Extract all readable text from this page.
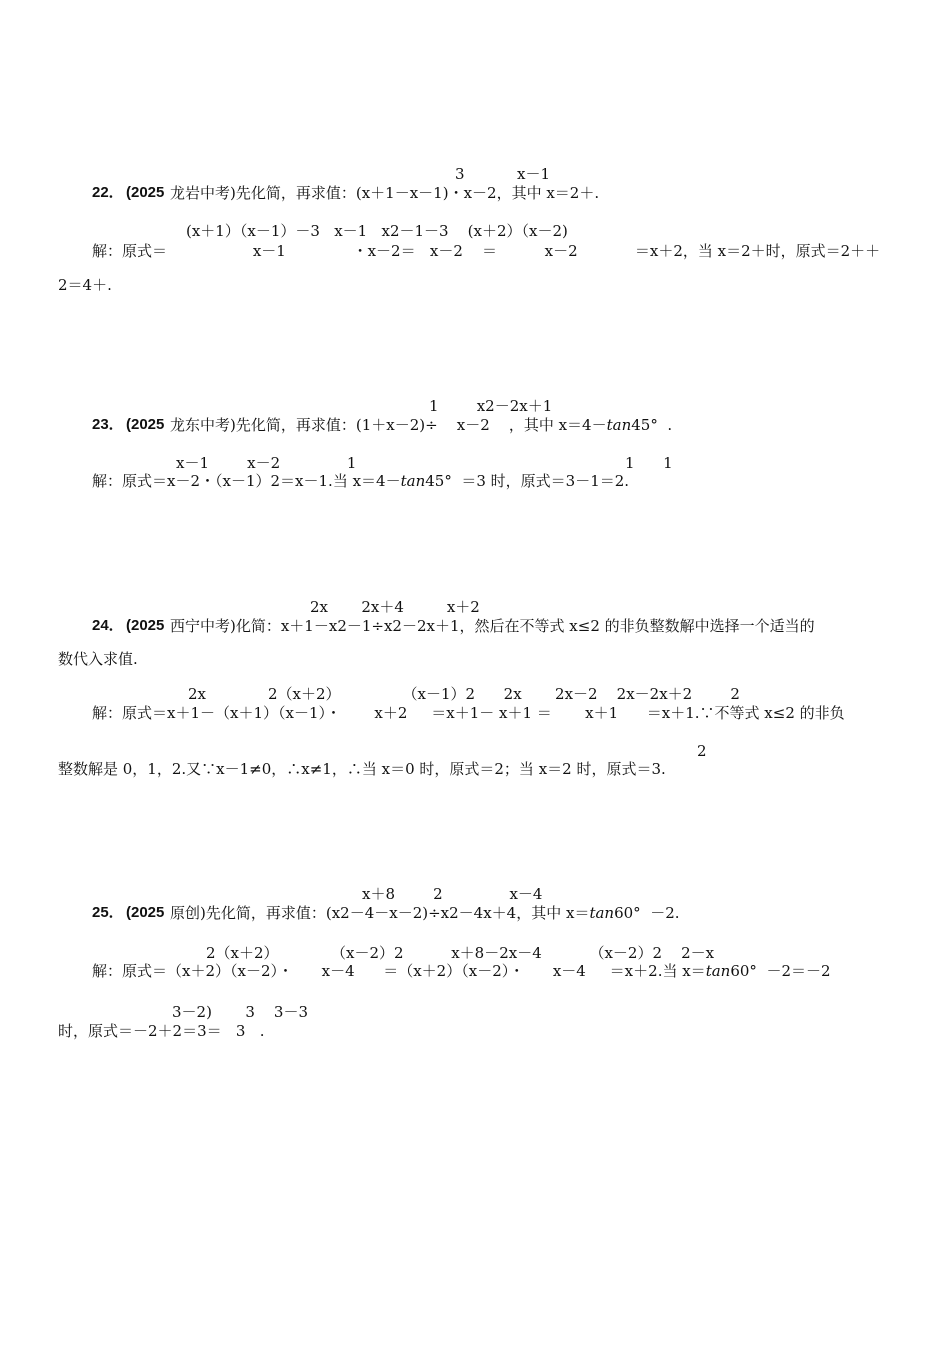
3           x－1
22． (2025 龙岩中考)先化简，再求值：(x＋1－x－1)・x－2，其中 x＝2＋.
(x＋1）（x－1）－3   x－1   x2－1－3    (x＋2）（x－2)
解：原式＝                  x－1              ・x－2＝   x－2    ＝          x－2            ＝x＋2，当 x＝2＋时，原式＝2＋＋
2＝4＋.
1        x2－2x＋1
23． (2025 龙东中考)先化简，再求值：(1＋x－2)÷    x－2    ，其中 x＝4－tan45°  .
x－1        x－2              1	1      1
解：原式＝x－2・（x－1）2＝x－1.当 x＝4－tan45°  ＝3 时，原式＝3－1＝2.
2x       2x＋4         x＋2
24． (2025 西宁中考)化简：x＋1－x2－1÷x2－2x＋1，然后在不等式 x≤2 的非负整数解中选择一个适当的
数代入求值.
2x             2（x＋2）             （x－1）2      2x       2x－2    2x－2x＋2        2
解：原式＝x＋1－（x＋1）（x－1）・       x＋2     ＝x＋1－ x＋1 ＝       x＋1      ＝x＋1.∵不等式 x≤2 的非负
2
整数解是 0，1，2.又∵x－1≠0，∴x≠1，∴当 x＝0 时，原式＝2；当 x＝2 时，原式＝3.
x＋8        2              x－4
25． (2025 原创)先化简，再求值：(x2－4－x－2)÷x2－4x＋4，其中 x＝tan60°  －2.
2（x＋2）           （x－2）2          x＋8－2x－4          （x－2）2    2－x
解：原式＝（x＋2）（x－2）・      x－4      ＝（x＋2）（x－2）・      x－4     ＝x＋2.当 x＝tan60°  －2＝－2
3－2)       3    3－3
时，原式＝－2＋2＝3＝   3   .
